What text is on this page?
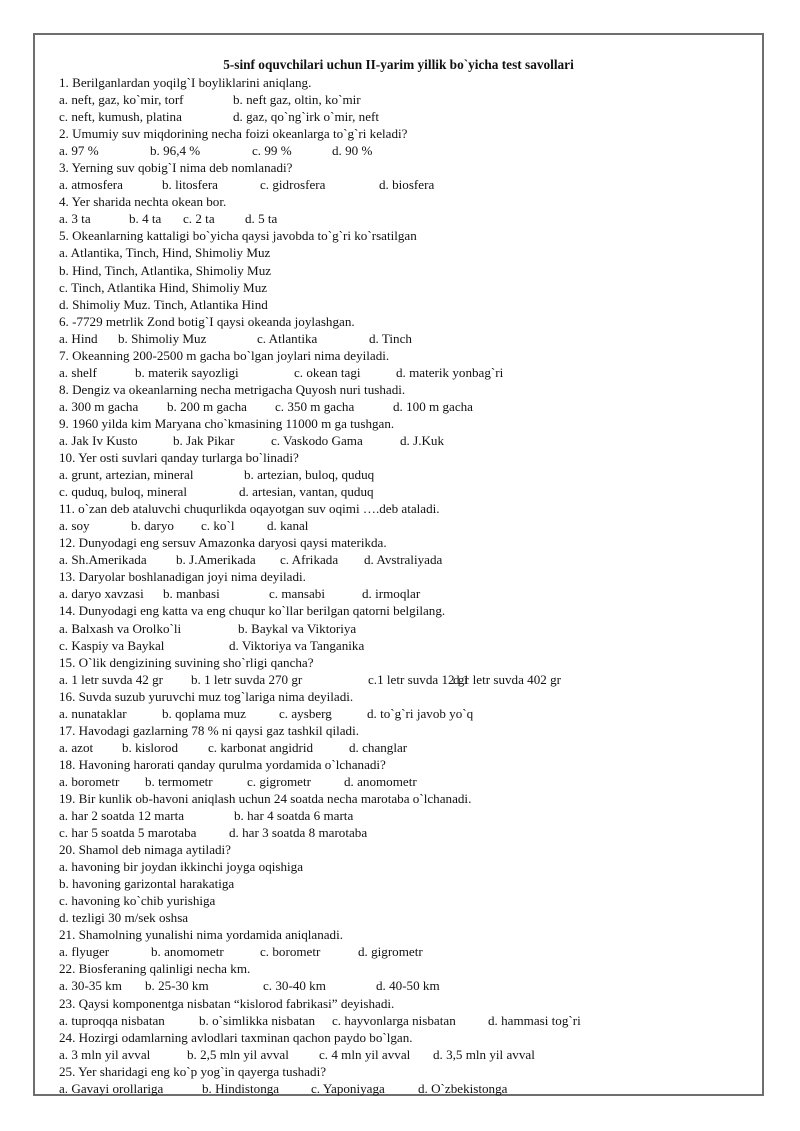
5-sinf oquvchilari uchun II-yarim yillik bo`yicha test savollari
1. Berilganlardan yoqilg`I boyliklarini aniqlang.
a. neft, gaz, ko`mir, torf	b. neft gaz, oltin, ko`mir
c. neft, kumush, platina	d. gaz, qo`ng`irk o`mir, neft
2. Umumiy suv miqdorining necha foizi okeanlarga to`g`ri keladi?
a. 97 %	b. 96,4 %	c. 99 %	d. 90 %
3. Yerning suv qobig`I nima deb nomlanadi?
a. atmosfera	b. litosfera	c. gidrosfera	d. biosfera
4. Yer sharida nechta okean bor.
a. 3 ta	b. 4 ta c. 2 ta d. 5 ta
5. Okeanlarning kattaligi bo`yicha qaysi javobda to`g`ri ko`rsatilgan
a. Atlantika, Tinch, Hind, Shimoliy Muz
b. Hind, Tinch, Atlantika, Shimoliy Muz
c. Tinch, Atlantika Hind, Shimoliy Muz
d. Shimoliy Muz. Tinch, Atlantika Hind
6. -7729 metrlik Zond botig`I qaysi okeanda joylashgan.
a. Hind b. Shimoliy Muz	c. Atlantika	d. Tinch
7. Okeanning 200-2500 m gacha bo`lgan joylari nima deyiladi.
a. shelf	b. materik sayozligi	c. okean tagi	d. materik yonbag`ri
8. Dengiz va okeanlarning necha metrigacha Quyosh nuri tushadi.
a. 300 m gacha b. 200 m gacha c. 350 m gacha	d. 100 m gacha
9. 1960 yilda kim Maryana cho`kmasining 11000 m ga tushgan.
a. Jak Iv Kusto	b. Jak Pikar	c. Vaskodo Gama	d. J.Kuk
10. Yer osti suvlari qanday turlarga bo`linadi?
a. grunt, artezian, mineral	b. artezian, buloq, quduq
c. quduq, buloq, mineral	d. artesian, vantan, quduq
11. o`zan deb ataluvchi chuqurlikda oqayotgan suv oqimi ….deb ataladi.
a. soy	b. daryo c. ko`l d. kanal
12. Dunyodagi eng sersuv Amazonka daryosi qaysi materikda.
a. Sh.Amerikada b. J.Amerikada c. Afrikada d. Avstraliyada
13. Daryolar boshlanadigan joyi nima deyiladi.
a. daryo xavzasi b. manbasi	c. mansabi	d. irmoqlar
14. Dunyodagi eng katta va eng chuqur ko`llar berilgan qatorni belgilang.
a. Balxash va Orolko`li	b. Baykal va Viktoriya
c. Kaspiy va Baykal	d. Viktoriya va Tanganika
15. O`lik dengizining suvining sho`rligi qancha?
a. 1 letr suvda 42 gr b. 1 letr suvda 270 gr	c.1 letr suvda 12 gr
d.1 letr suvda 402 gr
16. Suvda suzub yuruvchi muz tog`lariga nima deyiladi.
a. nunataklar	b. qoplama muz	c. aysberg	d. to`g`ri javob yo`q
17. Havodagi gazlarning 78 % ni qaysi gaz tashkil qiladi.
a. azot b. kislorod c. karbonat angidrid	d. changlar
18. Havoning harorati qanday qurulma yordamida o`lchanadi?
a. borometr b. termometr	c. gigrometr	d. anomometr
19. Bir kunlik ob-havoni aniqlash uchun 24 soatda necha marotaba o`lchanadi.
a. har 2 soatda 12 marta	b. har 4 soatda 6 marta
c. har 5 soatda 5 marotaba d. har 3 soatda 8 marotaba
20. Shamol deb nimaga aytiladi?
a. havoning bir joydan ikkinchi joyga oqishiga
b. havoning garizontal harakatiga
c. havoning ko`chib yurishiga
d. tezligi 30 m/sek oshsa
21. Shamolning yunalishi nima yordamida aniqlanadi.
a. flyuger	b. anomometr	c. borometr	d. gigrometr
22. Biosferaning qalinligi necha km.
a. 30-35 km b. 25-30 km	c. 30-40 km	d. 40-50 km
23. Qaysi komponentga nisbatan “kislorod fabrikasi” deyishadi.
a. tuproqqa nisbatan	b. o`simlikka nisbatan c. hayvonlarga nisbatan d. hammasi tog`ri
24. Hozirgi odamlarning avlodlari taxminan qachon paydo bo`lgan.
a. 3 mln yil avval	b. 2,5 mln yil avval c. 4 mln yil avval d. 3,5 mln yil avval
25. Yer sharidagi eng ko`p yog`in qayerga tushadi?
a. Gavayi orollariga	b. Hindistonga c. Yaponiyaga	d. O`zbekistonga
